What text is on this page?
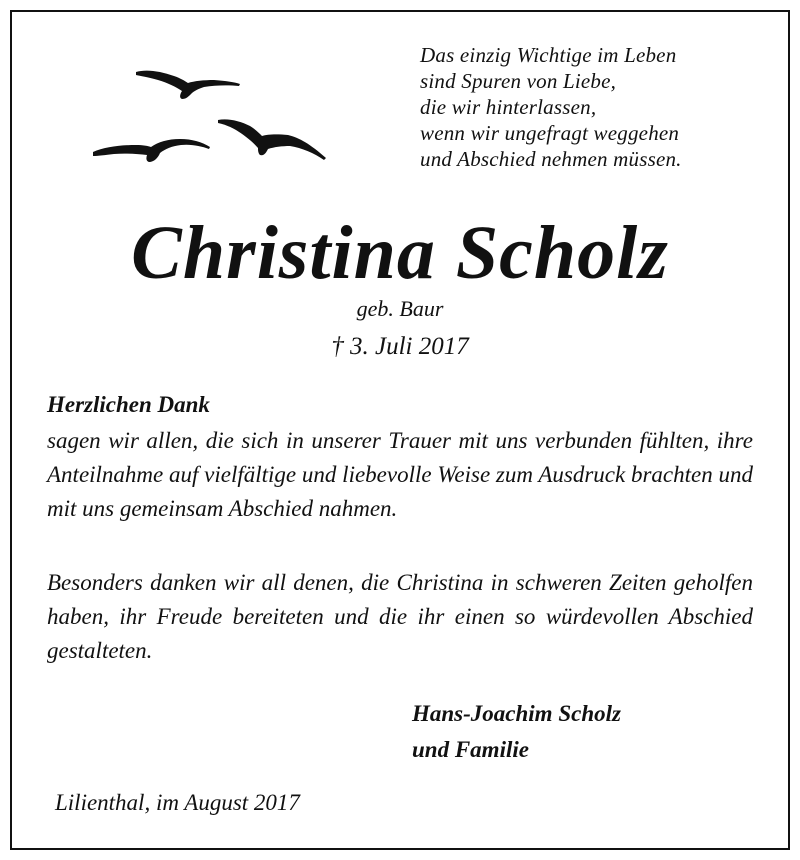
Das einzig Wichtige im Leben
sind Spuren von Liebe,
die wir hinterlassen,
wenn wir ungefragt weggehen
und Abschied nehmen müssen.
Christina Scholz
geb. Baur
† 3. Juli 2017
Herzlichen Dank
sagen wir allen, die sich in unserer Trauer mit uns verbunden fühlten, ihre Anteilnahme auf vielfältige und liebevolle Weise zum Ausdruck brachten und mit uns gemeinsam Abschied nahmen.
Besonders danken wir all denen, die Christina in schweren Zeiten geholfen haben, ihr Freude bereiteten und die ihr einen so würdevollen Abschied gestalteten.
Hans-Joachim Scholz
und Familie
Lilienthal, im August 2017
